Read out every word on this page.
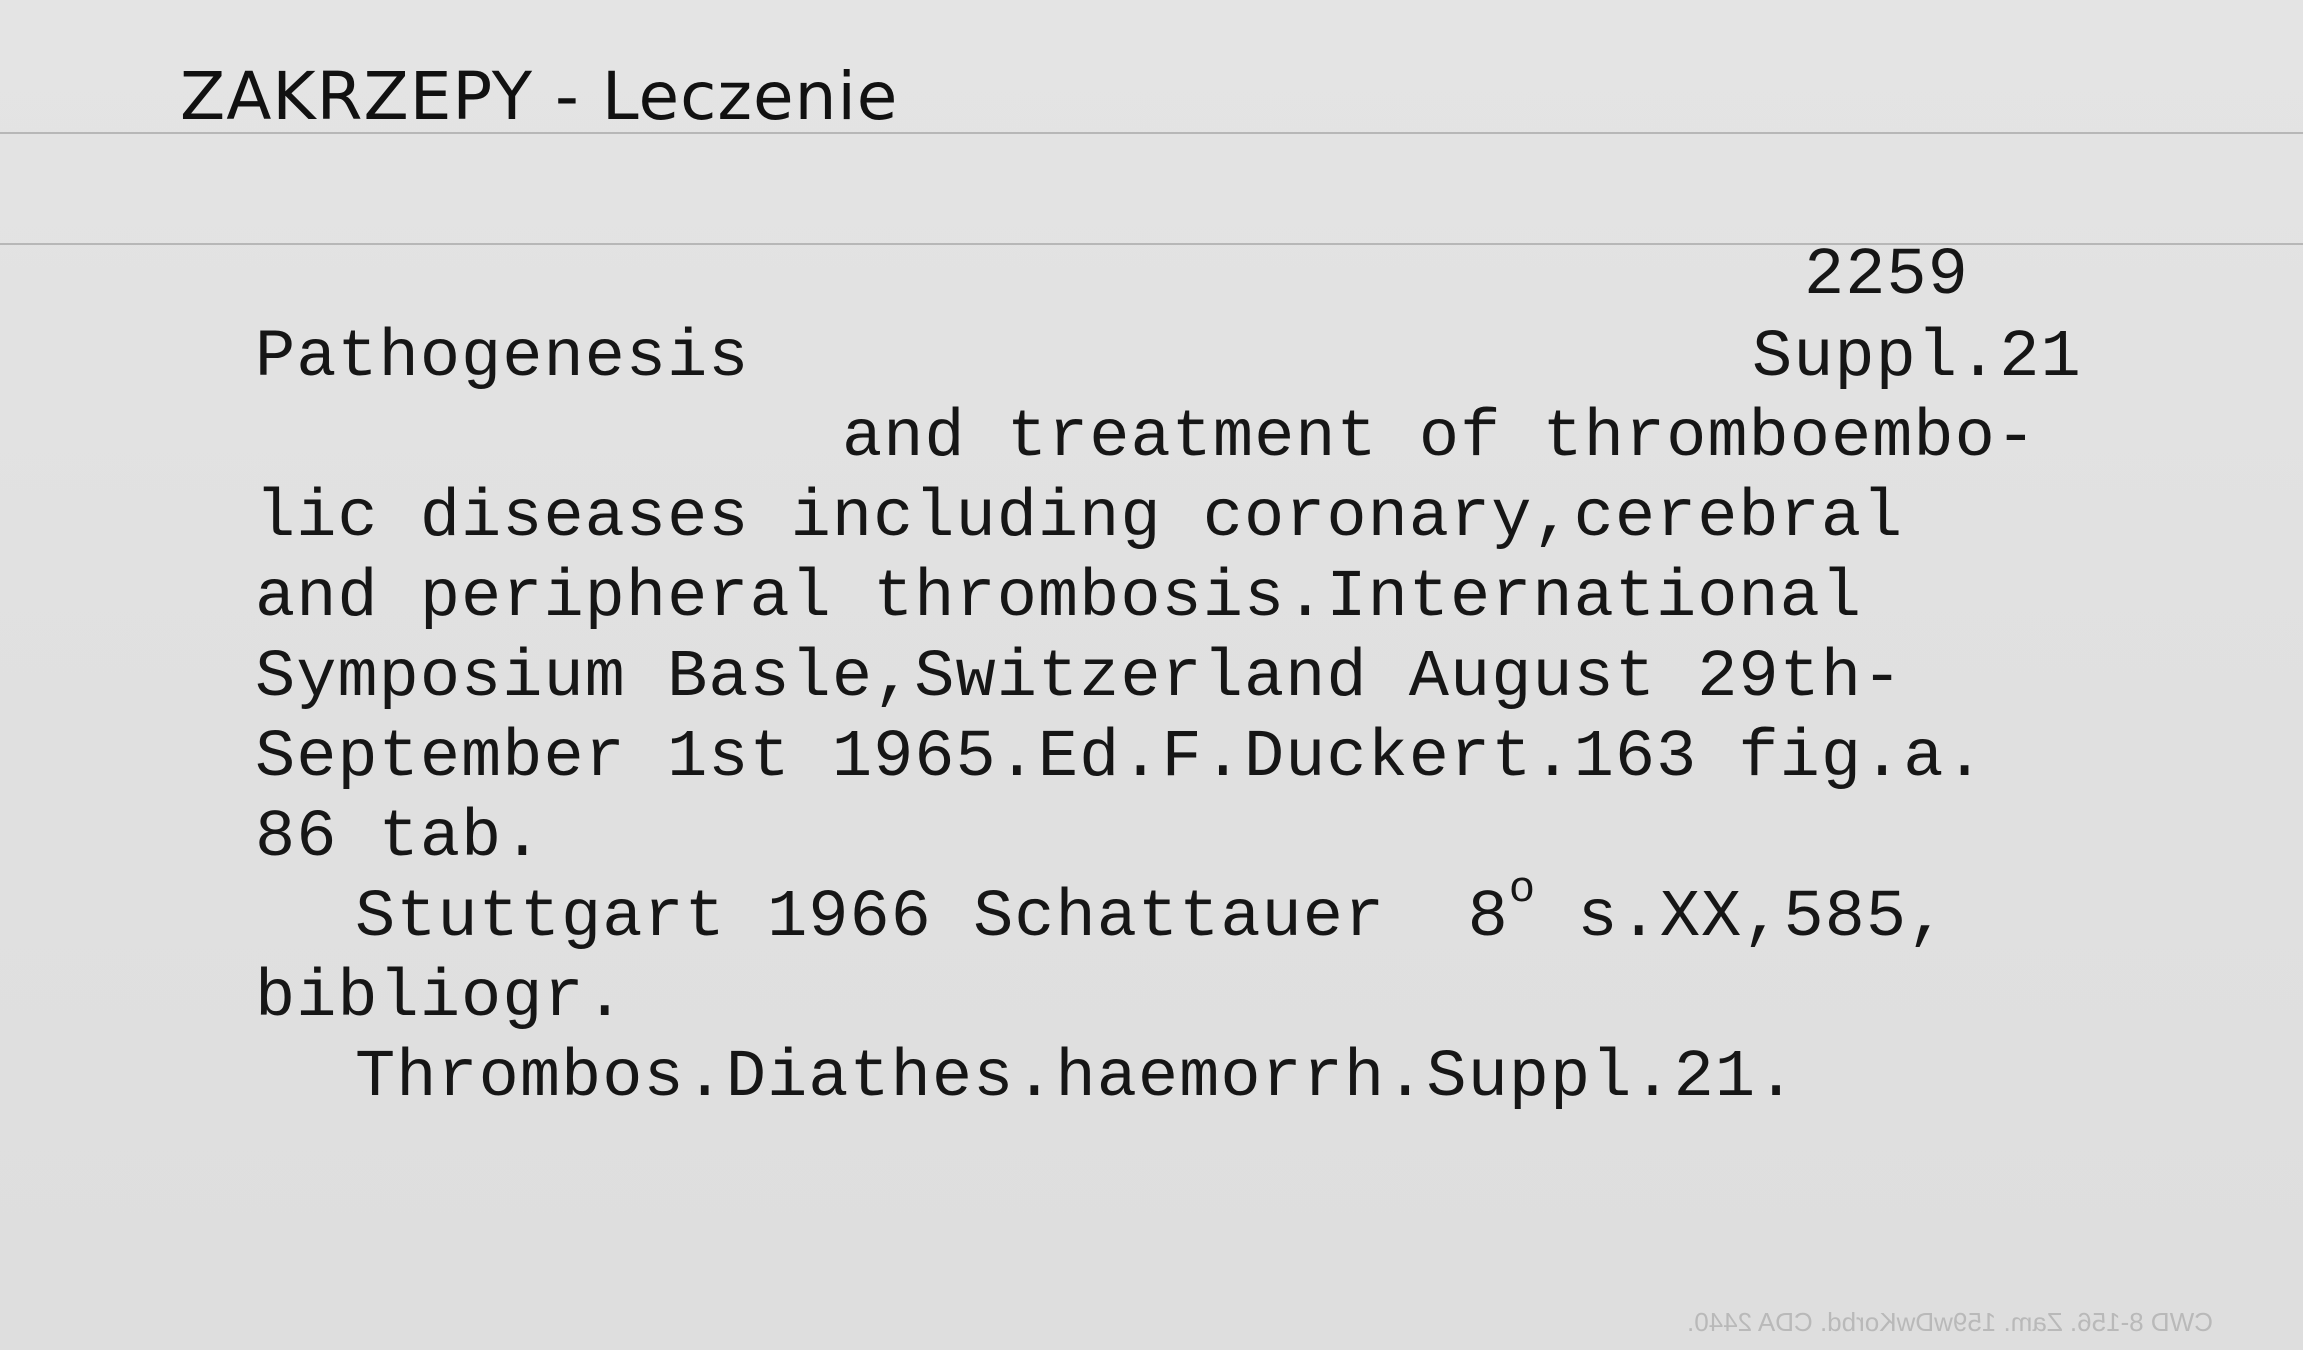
ZAKRZEPY - Leczenie
2259
Pathogenesis	Suppl.21
and treatment of thromboembo-
lic diseases including coronary,cerebral
and peripheral thrombosis.International
Symposium Basle,Switzerland August 29th-
September 1st 1965.Ed.F.Duckert.163 fig.a.
86 tab.
Stuttgart 1966 Schattauer  8$^o$ s.XX,585,
bibliogr.
Thrombos.Diathes.haemorrh.Suppl.21.
CWD 8-156. Zam. 159wDwKorbd. CDA 2440.
